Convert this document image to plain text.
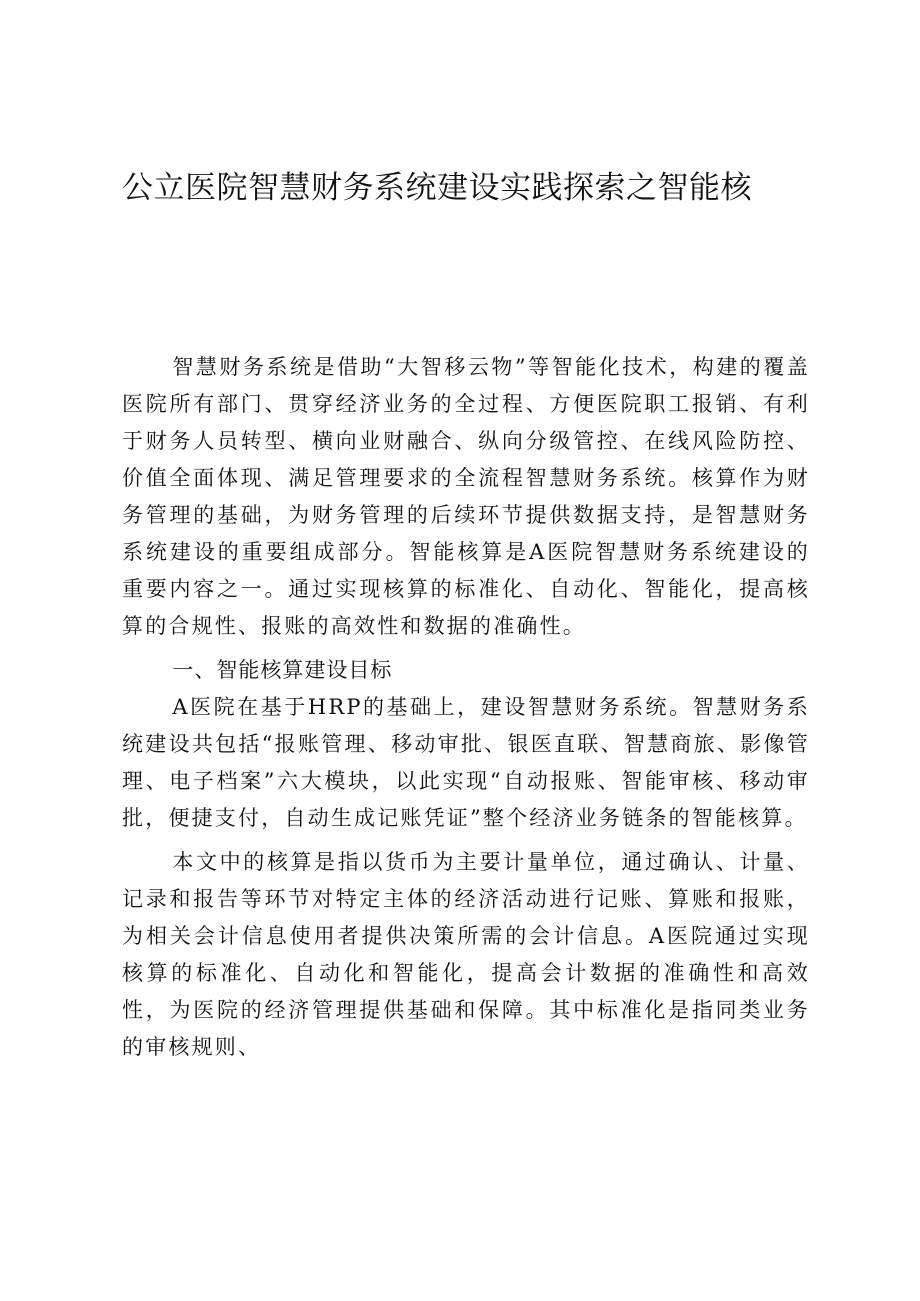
公立医院智慧财务系统建设实践探索之智能核

智慧财务系统是借助“大智移云物”等智能化技术，构建的覆盖医院所有部门、贯穿经济业务的全过程、方便医院职工报销、有利于财务人员转型、横向业财融合、纵向分级管控、在线风险防控、价值全面体现、满足管理要求的全流程智慧财务系统。核算作为财务管理的基础，为财务管理的后续环节提供数据支持，是智慧财务系统建设的重要组成部分。智能核算是A医院智慧财务系统建设的重要内容之一。通过实现核算的标准化、自动化、智能化，提高核算的合规性、报账的高效性和数据的准确性。

一、智能核算建设目标

A医院在基于HRP的基础上，建设智慧财务系统。智慧财务系统建设共包括“报账管理、移动审批、银医直联、智慧商旅、影像管理、电子档案”六大模块，以此实现“自动报账、智能审核、移动审批，便捷支付，自动生成记账凭证”整个经济业务链条的智能核算。

本文中的核算是指以货币为主要计量单位，通过确认、计量、记录和报告等环节对特定主体的经济活动进行记账、算账和报账，为相关会计信息使用者提供决策所需的会计信息。A医院通过实现核算的标准化、自动化和智能化，提高会计数据的准确性和高效性，为医院的经济管理提供基础和保障。其中标准化是指同类业务的审核规则、
